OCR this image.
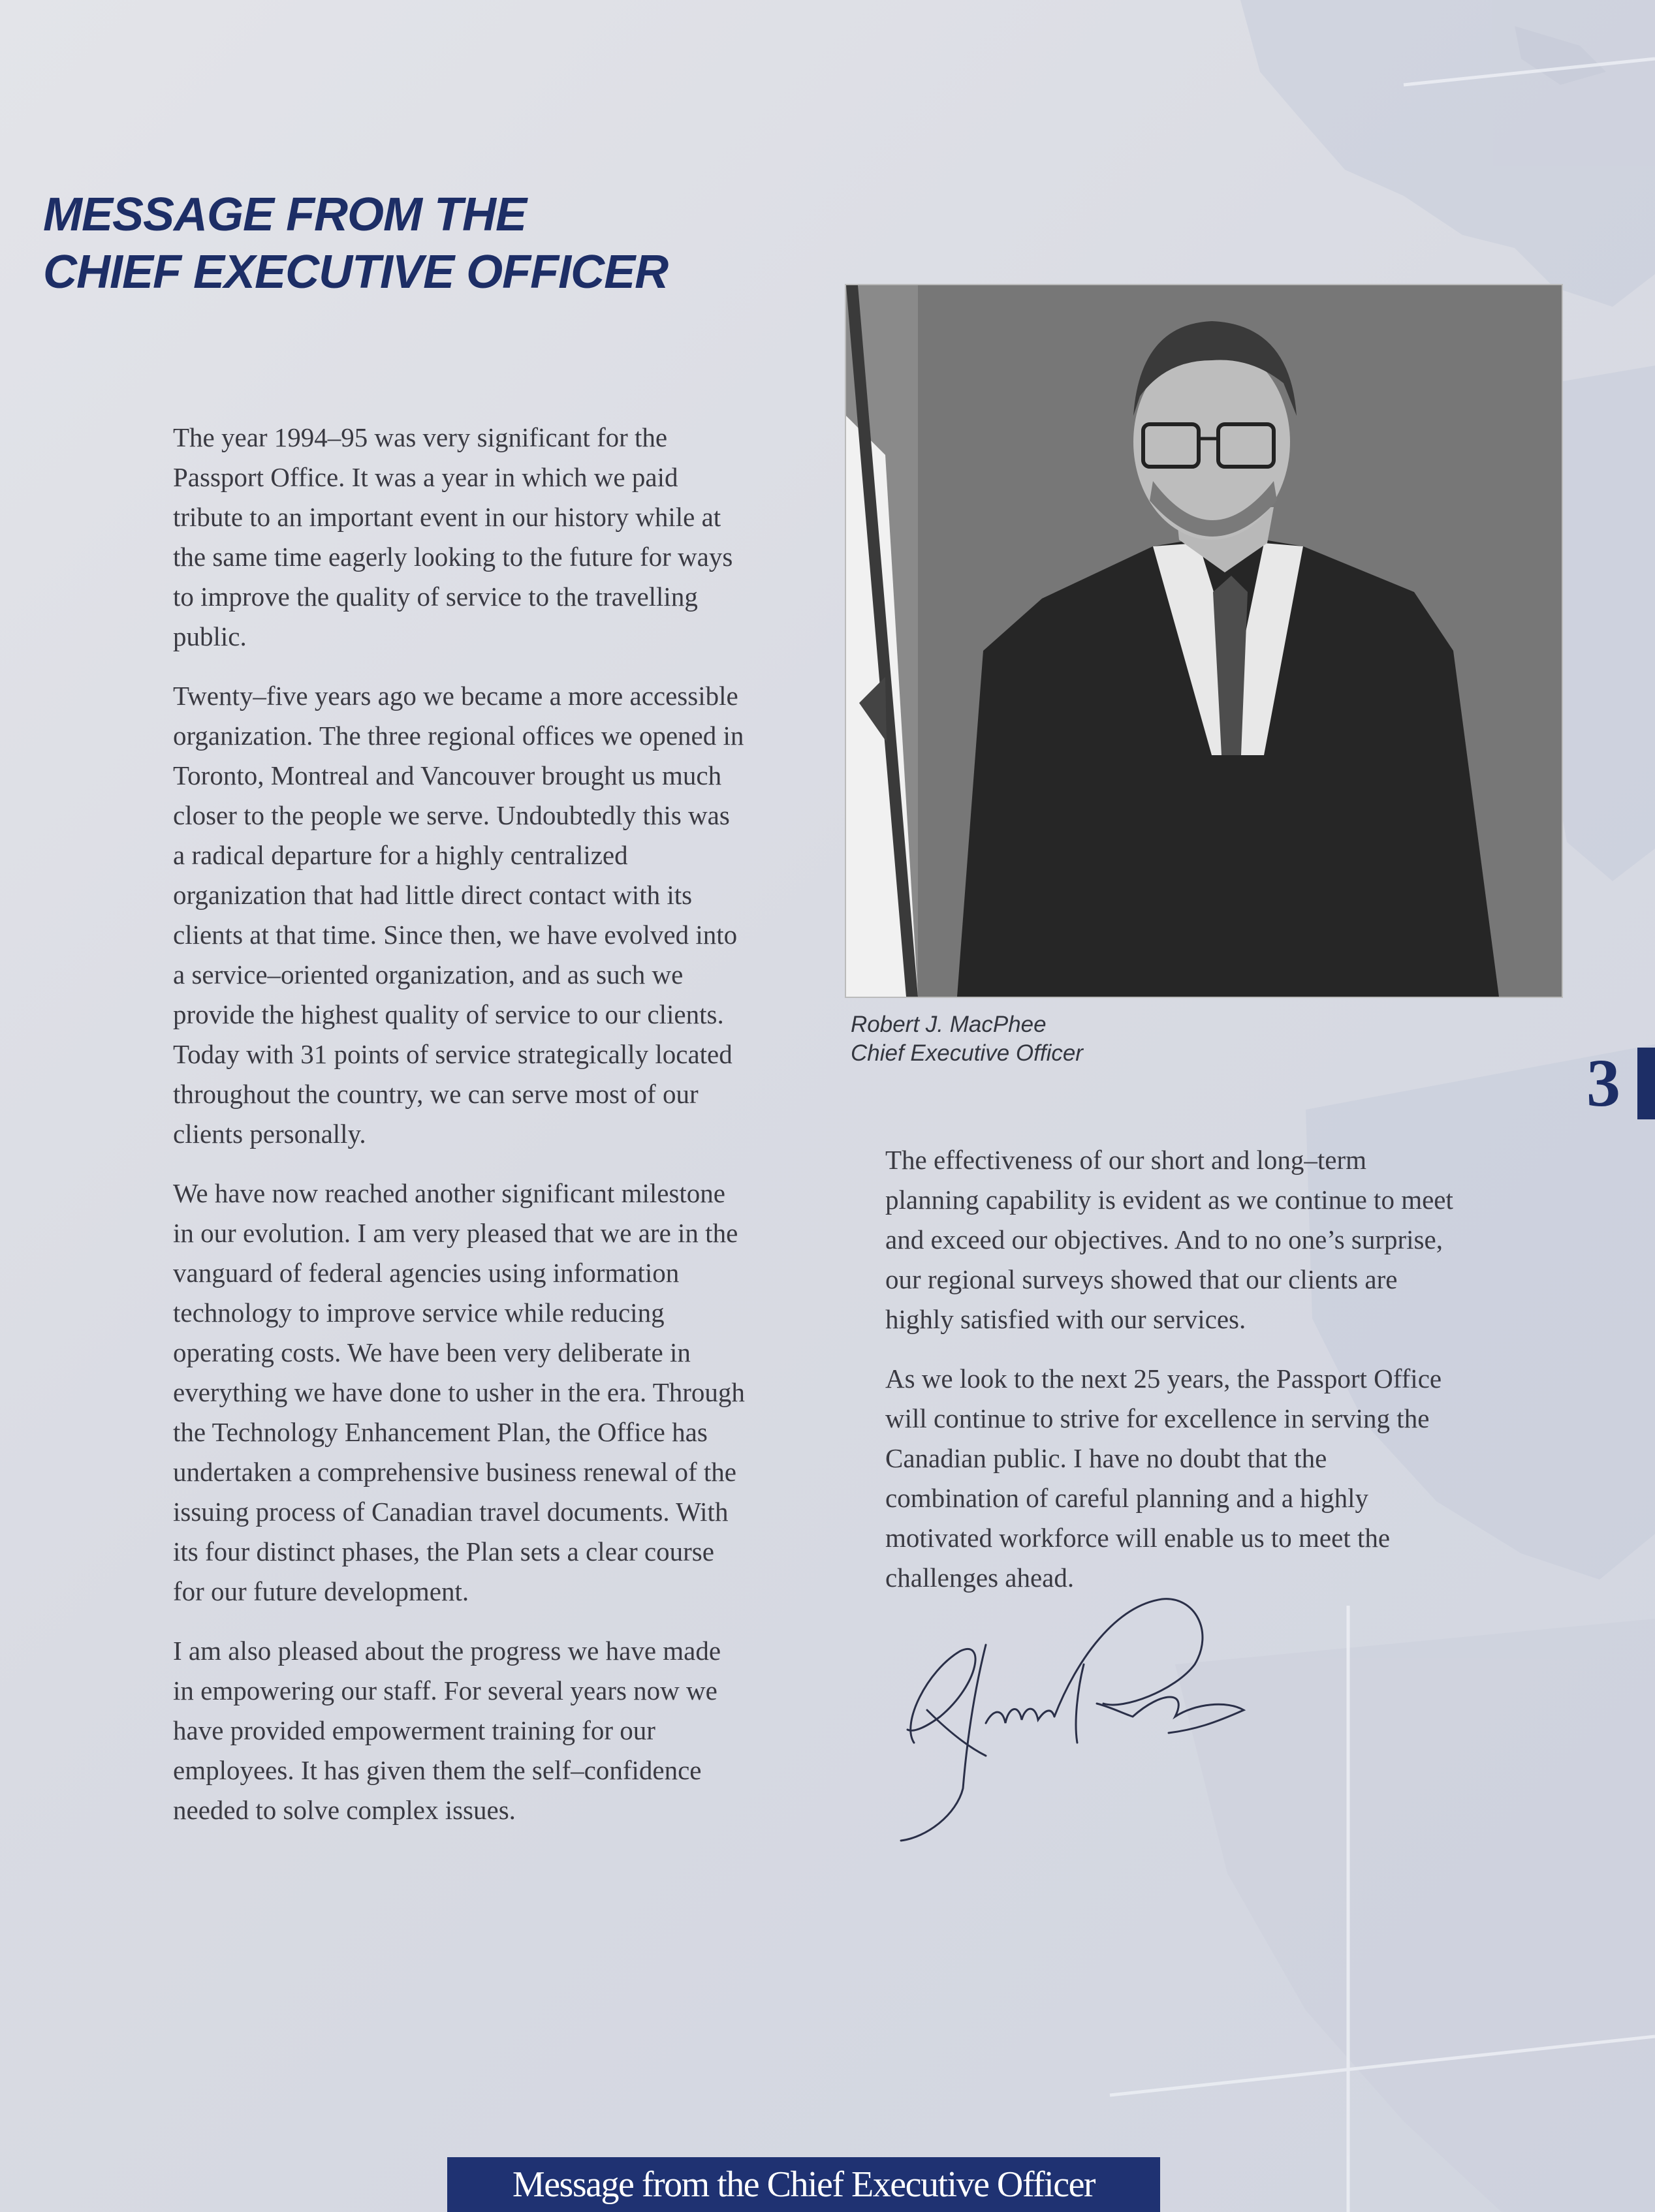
MESSAGE FROM THE
CHIEF EXECUTIVE OFFICER

The year 1994–95 was very significant for the Passport Office. It was a year in which we paid tribute to an important event in our history while at the same time eagerly looking to the future for ways to improve the quality of service to the travelling public.

Twenty–five years ago we became a more accessible organization. The three regional offices we opened in Toronto, Montreal and Vancouver brought us much closer to the people we serve. Undoubtedly this was a radical departure for a highly centralized organization that had little direct contact with its clients at that time. Since then, we have evolved into a service–oriented organization, and as such we provide the highest quality of service to our clients. Today with 31 points of service strategically located throughout the country, we can serve most of our clients personally.

We have now reached another significant milestone in our evolution. I am very pleased that we are in the vanguard of federal agencies using information technology to improve service while reducing operating costs. We have been very deliberate in everything we have done to usher in the era. Through the Technology Enhancement Plan, the Office has undertaken a comprehensive business renewal of the issuing process of Canadian travel documents. With its four distinct phases, the Plan sets a clear course for our future development.

I am also pleased about the progress we have made in empowering our staff. For several years now we have provided empowerment training for our employees. It has given them the self–confidence needed to solve complex issues.

Robert J. MacPhee
Chief Executive Officer	3

The effectiveness of our short and long–term planning capability is evident as we continue to meet and exceed our objectives. And to no one’s surprise, our regional surveys showed that our clients are highly satisfied with our services.

As we look to the next 25 years, the Passport Office will continue to strive for excellence in serving the Canadian public. I have no doubt that the combination of careful planning and a highly motivated workforce will enable us to meet the challenges ahead.

Message from the Chief Executive Officer
